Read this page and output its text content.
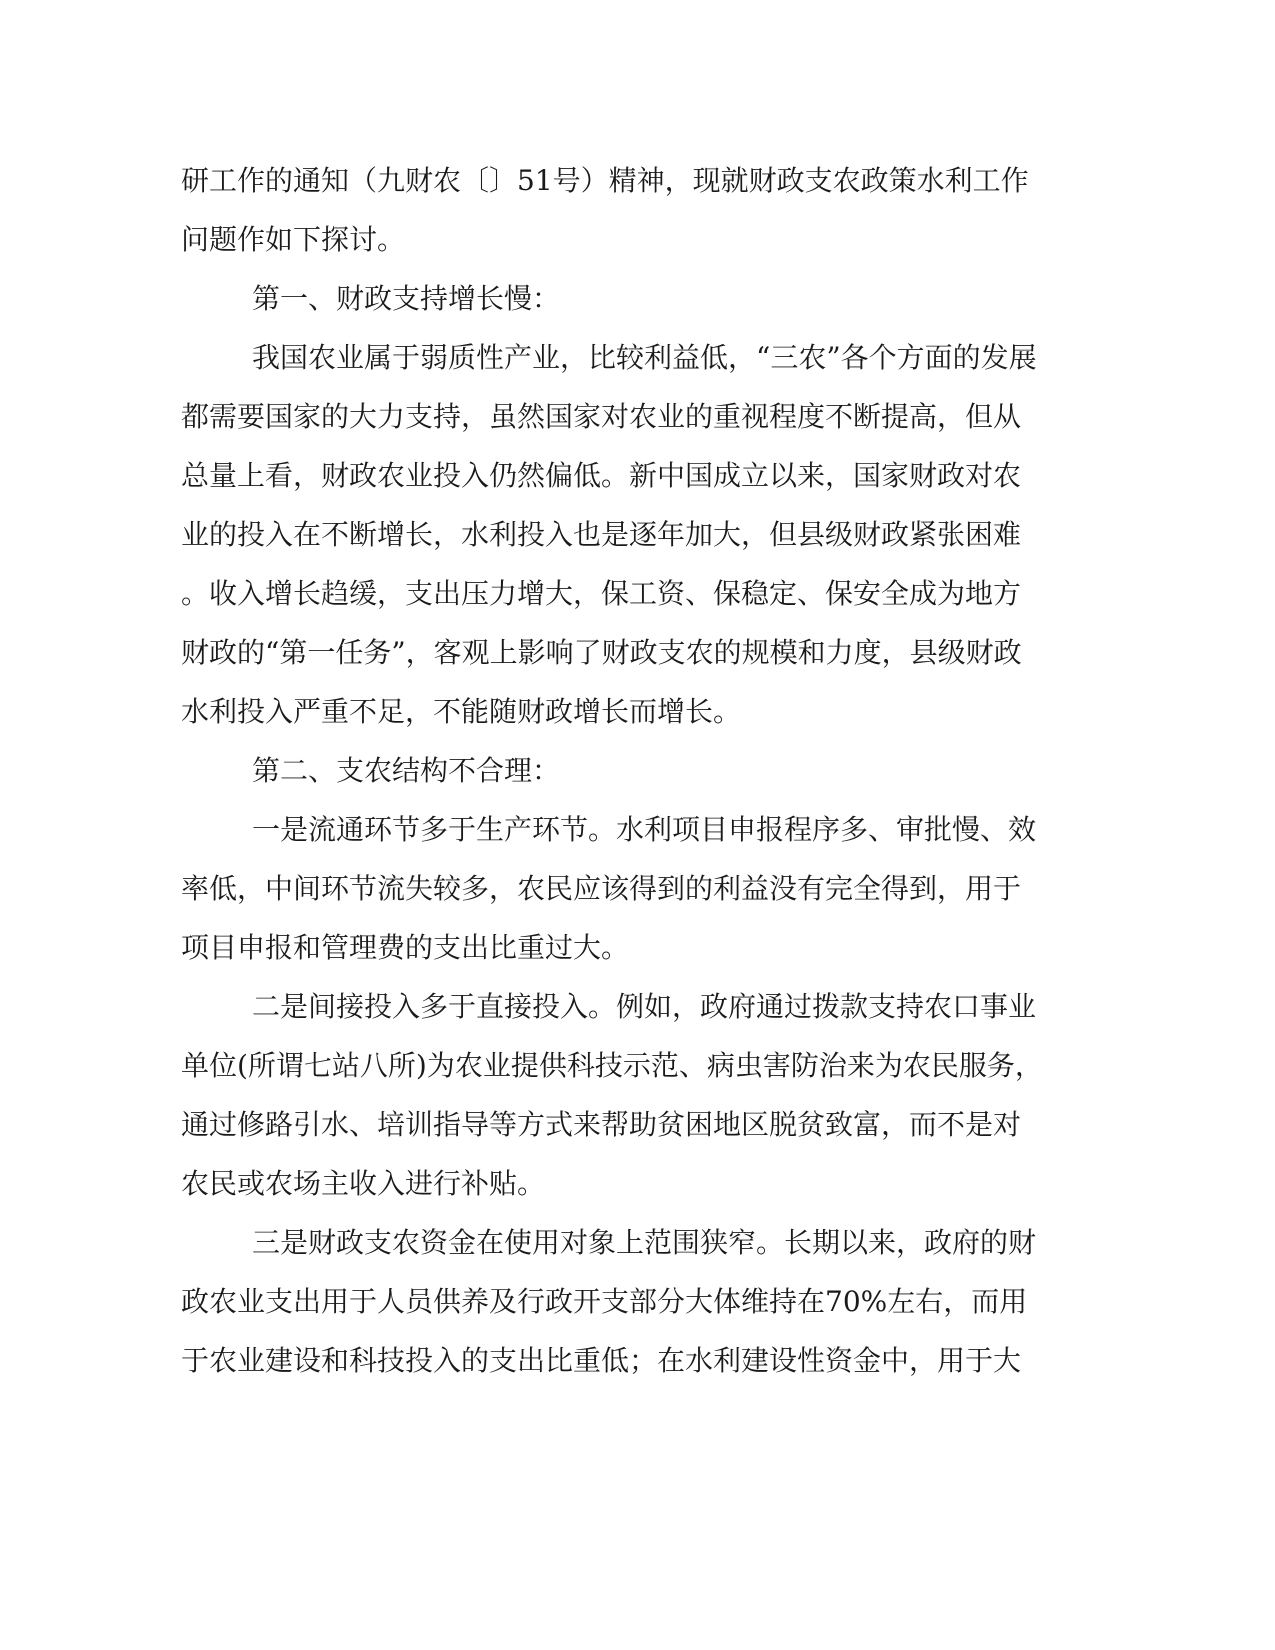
研工作的通知（九财农〔〕51号）精神，现就财政支农政策水利工作
问题作如下探讨。
第一、财政支持增长慢：
我国农业属于弱质性产业，比较利益低，“三农”各个方面的发展
都需要国家的大力支持，虽然国家对农业的重视程度不断提高，但从
总量上看，财政农业投入仍然偏低。新中国成立以来，国家财政对农
业的投入在不断增长，水利投入也是逐年加大，但县级财政紧张困难
。收入增长趋缓，支出压力增大，保工资、保稳定、保安全成为地方
财政的“第一任务”，客观上影响了财政支农的规模和力度，县级财政
水利投入严重不足，不能随财政增长而增长。
第二、支农结构不合理：
一是流通环节多于生产环节。水利项目申报程序多、审批慢、效
率低，中间环节流失较多，农民应该得到的利益没有完全得到，用于
项目申报和管理费的支出比重过大。
二是间接投入多于直接投入。例如，政府通过拨款支持农口事业
单位(所谓七站八所)为农业提供科技示范、病虫害防治来为农民服务，
通过修路引水、培训指导等方式来帮助贫困地区脱贫致富，而不是对
农民或农场主收入进行补贴。
三是财政支农资金在使用对象上范围狭窄。长期以来，政府的财
政农业支出用于人员供养及行政开支部分大体维持在70%左右，而用
于农业建设和科技投入的支出比重低；在水利建设性资金中，用于大
